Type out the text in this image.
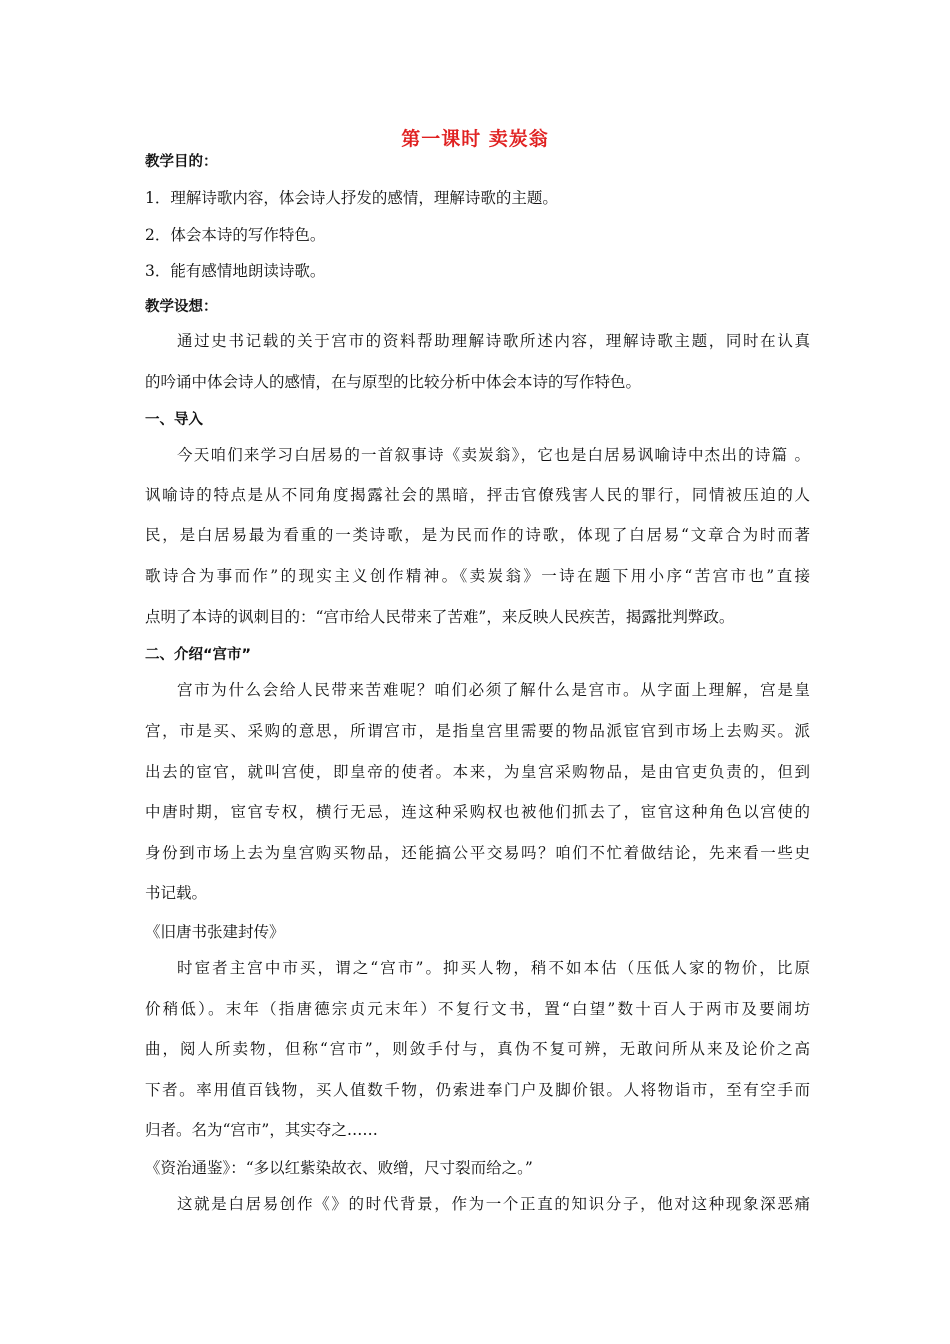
第一课时 卖炭翁
教学目的：
1．理解诗歌内容，体会诗人抒发的感情，理解诗歌的主题。
2．体会本诗的写作特色。
3．能有感情地朗读诗歌。
教学设想：
通过史书记载的关于宫市的资料帮助理解诗歌所述内容，理解诗歌主题，同时在认真
的吟诵中体会诗人的感情，在与原型的比较分析中体会本诗的写作特色。
一、导入
今天咱们来学习白居易的一首叙事诗《卖炭翁》，它也是白居易讽喻诗中杰出的诗篇 。
讽喻诗的特点是从不同角度揭露社会的黑暗，抨击官僚残害人民的罪行，同情被压迫的人
民，是白居易最为看重的一类诗歌，是为民而作的诗歌，体现了白居易“文章合为时而著
歌诗合为事而作”的现实主义创作精神。《卖炭翁》一诗在题下用小序“苦宫市也”直接
点明了本诗的讽刺目的：“宫市给人民带来了苦难”，来反映人民疾苦，揭露批判弊政。
二、介绍“宫市”
宫市为什么会给人民带来苦难呢？咱们必须了解什么是宫市。从字面上理解，宫是皇
宫，市是买、采购的意思，所谓宫市，是指皇宫里需要的物品派宦官到市场上去购买。派
出去的宦官，就叫宫使，即皇帝的使者。本来，为皇宫采购物品，是由官吏负责的，但到
中唐时期，宦官专权，横行无忌，连这种采购权也被他们抓去了，宦官这种角色以宫使的
身份到市场上去为皇宫购买物品，还能搞公平交易吗？咱们不忙着做结论，先来看一些史
书记载。
《旧唐书张建封传》
时宦者主宫中市买，谓之“宫市”。抑买人物，稍不如本估（压低人家的物价，比原
价稍低）。末年（指唐德宗贞元末年）不复行文书，置“白望”数十百人于两市及要闹坊
曲，阅人所卖物，但称“宫市”，则敛手付与，真伪不复可辨，无敢问所从来及论价之高
下者。率用值百钱物，买人值数千物，仍索进奉门户及脚价银。人将物诣市，至有空手而
归者。名为“宫市”，其实夺之……
《资治通鉴》：“多以红紫染故衣、败缯，尺寸裂而给之。”
这就是白居易创作《》的时代背景，作为一个正直的知识分子，他对这种现象深恶痛
